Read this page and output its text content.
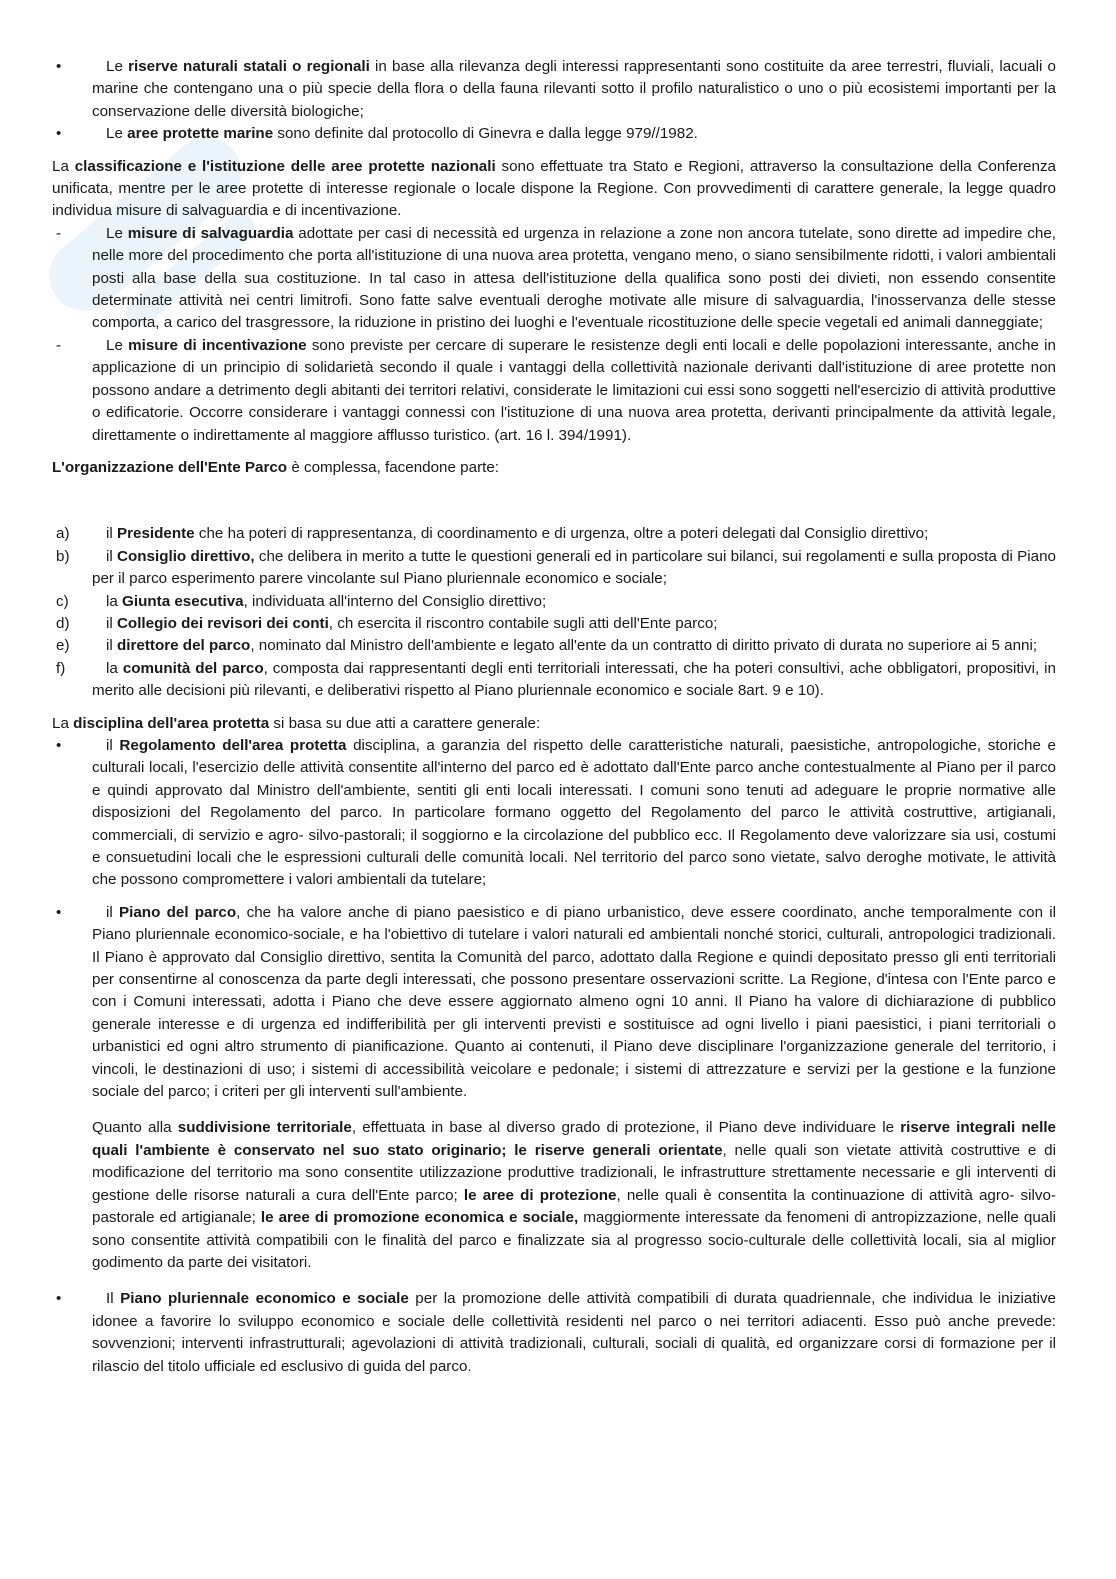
•	Le riserve naturali statali o regionali in base alla rilevanza degli interessi rappresentanti sono costituite da aree terrestri, fluviali, lacuali o marine che contengano una o più specie della flora o della fauna rilevanti sotto il profilo naturalistico o uno o più ecosistemi importanti per la conservazione delle diversità biologiche;
•	Le aree protette marine sono definite dal protocollo di Ginevra e dalla legge 979//1982.

La classificazione e l'istituzione delle aree protette nazionali sono effettuate tra Stato e Regioni, attraverso la consultazione della Conferenza unificata, mentre per le aree protette di interesse regionale o locale dispone la Regione. Con provvedimenti di carattere generale, la legge quadro individua misure di salvaguardia e di incentivazione.

-	Le misure di salvaguardia adottate per casi di necessità ed urgenza in relazione a zone non ancora tutelate, sono dirette ad impedire che, nelle more del procedimento che porta all'istituzione di una nuova area protetta, vengano meno, o siano sensibilmente ridotti, i valori ambientali posti alla base della sua costituzione. In tal caso in attesa dell'istituzione della qualifica sono posti dei divieti, non essendo consentite determinate attività nei centri limitrofi. Sono fatte salve eventuali deroghe motivate alle misure di salvaguardia, l'inosservanza delle stesse comporta, a carico del trasgressore, la riduzione in pristino dei luoghi e l'eventuale ricostituzione delle specie vegetali ed animali danneggiate;
-	Le misure di incentivazione sono previste per cercare di superare le resistenze degli enti locali e delle popolazioni interessante, anche in applicazione di un principio di solidarietà secondo il quale i vantaggi della collettività nazionale derivanti dall'istituzione di aree protette non possono andare a detrimento degli abitanti dei territori relativi, considerate le limitazioni cui essi sono soggetti nell'esercizio di attività produttive o edificatorie. Occorre considerare i vantaggi connessi con l'istituzione di una nuova area protetta, derivanti principalmente da attività legale, direttamente o indirettamente al maggiore afflusso turistico. (art. 16 l. 394/1991).

L'organizzazione dell'Ente Parco è complessa, facendone parte:

a)	il Presidente che ha poteri di rappresentanza, di coordinamento e di urgenza, oltre a poteri delegati dal Consiglio direttivo;
b)	il Consiglio direttivo, che delibera in merito a tutte le questioni generali ed in particolare sui bilanci, sui regolamenti e sulla proposta di Piano per il parco esperimento parere vincolante sul Piano pluriennale economico e sociale;
c)	la Giunta esecutiva, individuata all'interno del Consiglio direttivo;
d)	il Collegio dei revisori dei conti, ch esercita il riscontro contabile sugli atti dell'Ente parco;
e)	il direttore del parco, nominato dal Ministro dell'ambiente e legato all'ente da un contratto di diritto privato di durata no superiore ai 5 anni;
f)	la comunità del parco, composta dai rappresentanti degli enti territoriali interessati, che ha poteri consultivi, ache obbligatori, propositivi, in merito alle decisioni più rilevanti, e deliberativi rispetto al Piano pluriennale economico e sociale 8art. 9 e 10).

La disciplina dell'area protetta si basa su due atti a carattere generale:

•	il Regolamento dell'area protetta disciplina, a garanzia del rispetto delle caratteristiche naturali, paesistiche, antropologiche, storiche e culturali locali, l'esercizio delle attività consentite all'interno del parco ed è adottato dall'Ente parco anche contestualmente al Piano per il parco e quindi approvato dal Ministro dell'ambiente, sentiti gli enti locali interessati. I comuni sono tenuti ad adeguare le proprie normative alle disposizioni del Regolamento del parco. In particolare formano oggetto del Regolamento del parco le attività costruttive, artigianali, commerciali, di servizio e agro- silvo-pastorali; il soggiorno e la circolazione del pubblico ecc. Il Regolamento deve valorizzare sia usi, costumi e consuetudini locali che le espressioni culturali delle comunità locali. Nel territorio del parco sono vietate, salvo deroghe motivate, le attività che possono compromettere i valori ambientali da tutelare;
•	il Piano del parco, che ha valore anche di piano paesistico e di piano urbanistico, deve essere coordinato, anche temporalmente con il Piano pluriennale economico-sociale, e ha l'obiettivo di tutelare i valori naturali ed ambientali nonché storici, culturali, antropologici tradizionali. Il Piano è approvato dal Consiglio direttivo, sentita la Comunità del parco, adottato dalla Regione e quindi depositato presso gli enti territoriali per consentirne al conoscenza da parte degli interessati, che possono presentare osservazioni scritte. La Regione, d'intesa con l'Ente parco e con i Comuni interessati, adotta i Piano che deve essere aggiornato almeno ogni 10 anni. Il Piano ha valore di dichiarazione di pubblico generale interesse e di urgenza ed indifferibilità per gli interventi previsti e sostituisce ad ogni livello i piani paesistici, i piani territoriali o urbanistici ed ogni altro strumento di pianificazione. Quanto ai contenuti, il Piano deve disciplinare l'organizzazione generale del territorio, i vincoli, le destinazioni di uso; i sistemi di accessibilità veicolare e pedonale; i sistemi di attrezzature e servizi per la gestione e la funzione sociale del parco; i criteri per gli interventi sull'ambiente.

Quanto alla suddivisione territoriale, effettuata in base al diverso grado di protezione, il Piano deve individuare le riserve integrali nelle quali l'ambiente è conservato nel suo stato originario; le riserve generali orientate, nelle quali son vietate attività costruttive e di modificazione del territorio ma sono consentite utilizzazione produttive tradizionali, le infrastrutture strettamente necessarie e gli interventi di gestione delle risorse naturali a cura dell'Ente parco; le aree di protezione, nelle quali è consentita la continuazione di attività agro- silvo- pastorale ed artigianale; le aree di promozione economica e sociale, maggiormente interessate da fenomeni di antropizzazione, nelle quali sono consentite attività compatibili con le finalità del parco e finalizzate sia al progresso socio-culturale delle collettività locali, sia al miglior godimento da parte dei visitatori.

•	Il Piano pluriennale economico e sociale per la promozione delle attività compatibili di durata quadriennale, che individua le iniziative idonee a favorire lo sviluppo economico e sociale delle collettività residenti nel parco o nei territori adiacenti. Esso può anche prevede: sovvenzioni; interventi infrastrutturali; agevolazioni di attività tradizionali, culturali, sociali di qualità, ed organizzare corsi di formazione per il rilascio del titolo ufficiale ed esclusivo di guida del parco.
